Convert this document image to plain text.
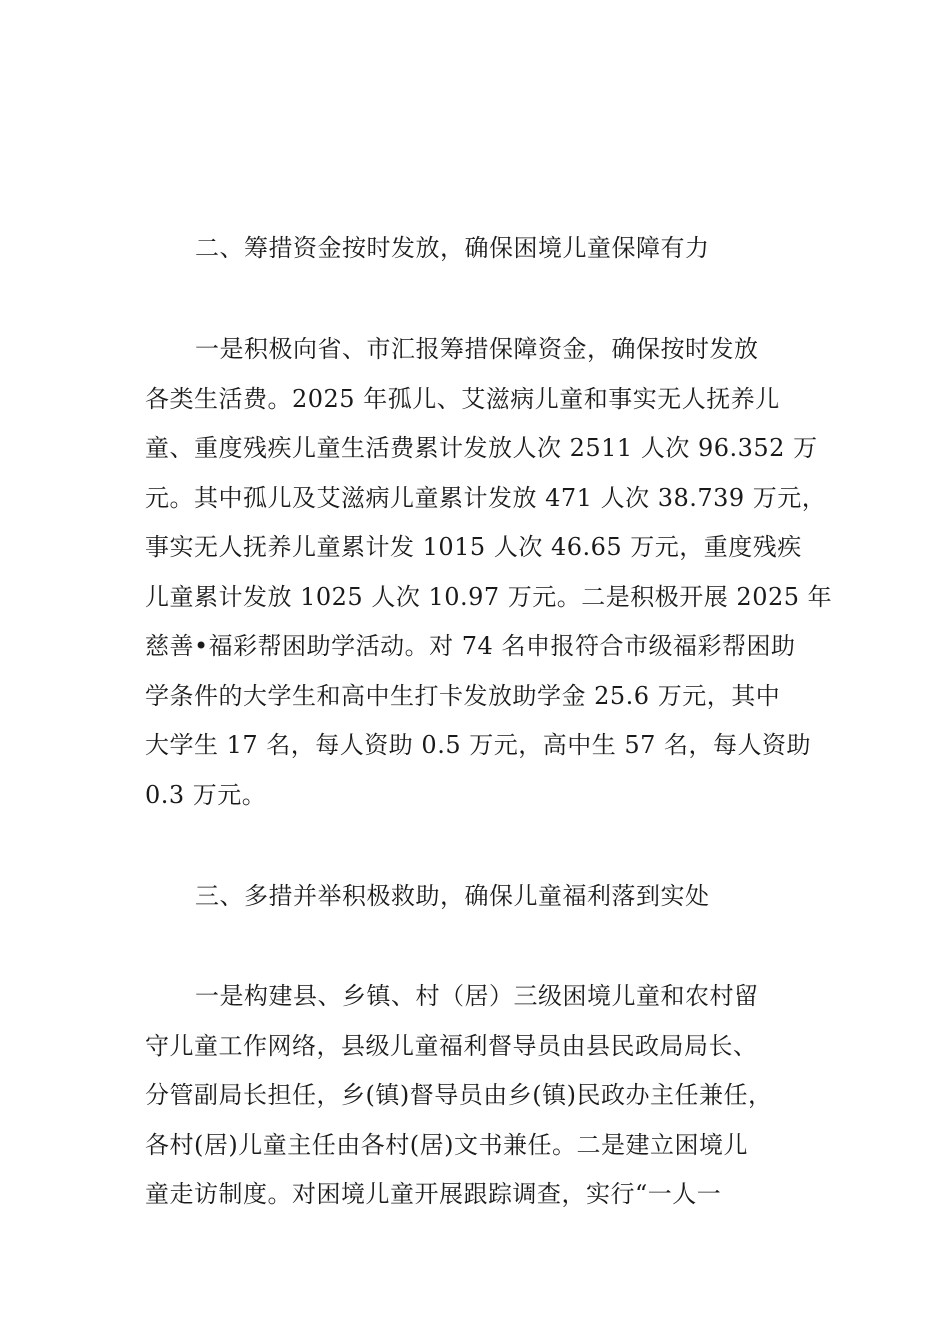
二、筹措资金按时发放，确保困境儿童保障有力
一是积极向省、市汇报筹措保障资金，确保按时发放
各类生活费。2025 年孤儿、艾滋病儿童和事实无人抚养儿
童、重度残疾儿童生活费累计发放人次 2511 人次 96.352 万
元。其中孤儿及艾滋病儿童累计发放 471 人次 38.739 万元，
事实无人抚养儿童累计发 1015 人次 46.65 万元，重度残疾
儿童累计发放 1025 人次 10.97 万元。二是积极开展 2025 年
慈善•福彩帮困助学活动。对 74 名申报符合市级福彩帮困助
学条件的大学生和高中生打卡发放助学金 25.6 万元，其中
大学生 17 名，每人资助 0.5 万元，高中生 57 名，每人资助
0.3 万元。
三、多措并举积极救助，确保儿童福利落到实处
一是构建县、乡镇、村（居）三级困境儿童和农村留
守儿童工作网络，县级儿童福利督导员由县民政局局长、
分管副局长担任，乡(镇)督导员由乡(镇)民政办主任兼任，
各村(居)儿童主任由各村(居)文书兼任。二是建立困境儿
童走访制度。对困境儿童开展跟踪调查，实行“一人一
